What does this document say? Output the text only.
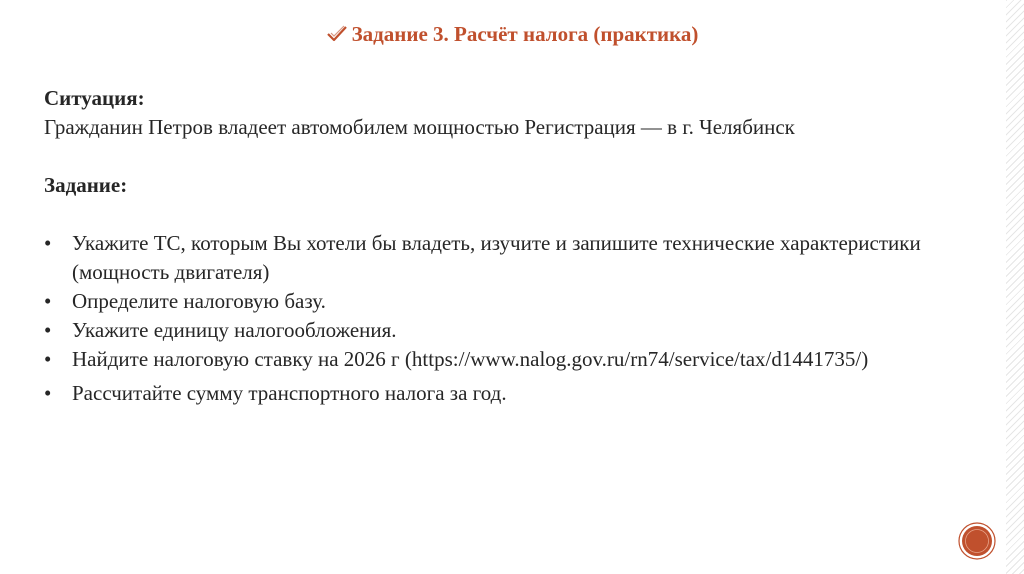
Задание 3. Расчёт налога (практика)
Ситуация:
Гражданин Петров владеет автомобилем мощностью Регистрация — в г. Челябинск
Задание:
• Укажите ТС, которым Вы хотели бы владеть, изучите и запишите технические характеристики (мощность двигателя)
• Определите налоговую базу.
• Укажите единицу налогообложения.
• Найдите налоговую ставку на 2026 г (https://www.nalog.gov.ru/rn74/service/tax/d1441735/)
• Рассчитайте сумму транспортного налога за год.
